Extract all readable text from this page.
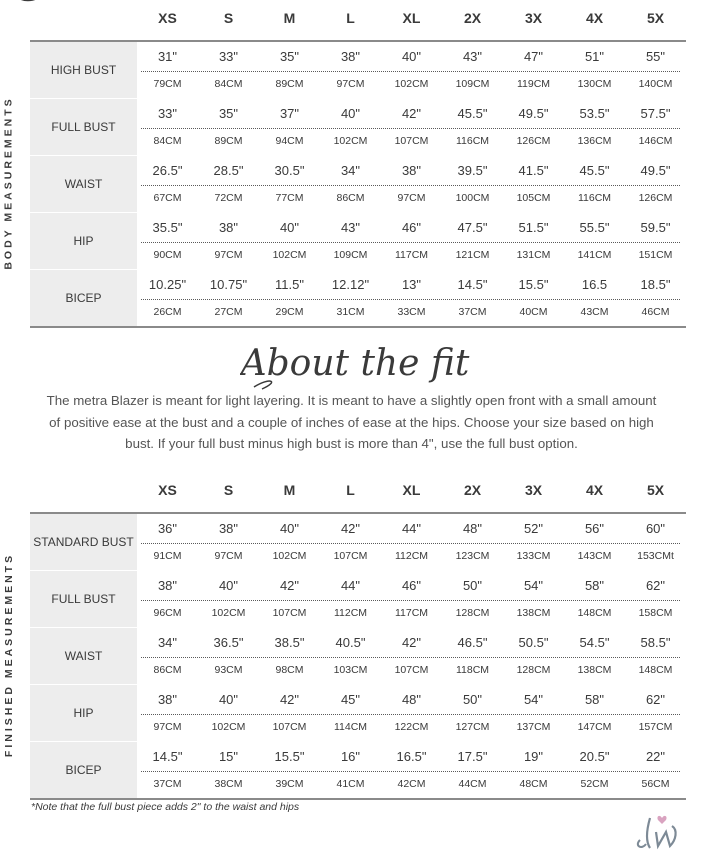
XS	S	M	L	XL	2X	3X	4X	5X
BODY MEASUREMENTS
HIGH BUST
31"	33"	35"	38"	40"	43"	47"	51"	55"
79CM	84CM	89CM	97CM	102CM	109CM	119CM	130CM	140CM
FULL BUST
33"	35"	37"	40"	42"	45.5"	49.5"	53.5"	57.5"
84CM	89CM	94CM	102CM	107CM	116CM	126CM	136CM	146CM
WAIST
26.5"	28.5"	30.5"	34"	38"	39.5"	41.5"	45.5"	49.5"
67CM	72CM	77CM	86CM	97CM	100CM	105CM	116CM	126CM
HIP
35.5"	38"	40"	43"	46"	47.5"	51.5"	55.5"	59.5"
90CM	97CM	102CM	109CM	117CM	121CM	131CM	141CM	151CM
BICEP
10.25"	10.75"	11.5"	12.12"	13"	14.5"	15.5"	16.5	18.5"
26CM	27CM	29CM	31CM	33CM	37CM	40CM	43CM	46CM
About the fit
The metra Blazer is meant for light layering. It is meant to have a slightly open front with a small amount of positive ease at the bust and a couple of inches of ease at the hips. Choose your size based on high bust. If your full bust minus high bust is more than 4", use the full bust option.
XS	S	M	L	XL	2X	3X	4X	5X
FINISHED MEASUREMENTS
STANDARD BUST
36"	38"	40"	42"	44"	48"	52"	56"	60"
91CM	97CM	102CM	107CM	112CM	123CM	133CM	143CM	153CMt
FULL BUST
38"	40"	42"	44"	46"	50"	54"	58"	62"
96CM	102CM	107CM	112CM	117CM	128CM	138CM	148CM	158CM
WAIST
34"	36.5"	38.5"	40.5"	42"	46.5"	50.5"	54.5"	58.5"
86CM	93CM	98CM	103CM	107CM	118CM	128CM	138CM	148CM
HIP
38"	40"	42"	45"	48"	50"	54"	58"	62"
97CM	102CM	107CM	114CM	122CM	127CM	137CM	147CM	157CM
BICEP
14.5"	15"	15.5"	16"	16.5"	17.5"	19"	20.5"	22"
37CM	38CM	39CM	41CM	42CM	44CM	48CM	52CM	56CM
*Note that the full bust piece adds 2" to the waist and hips
